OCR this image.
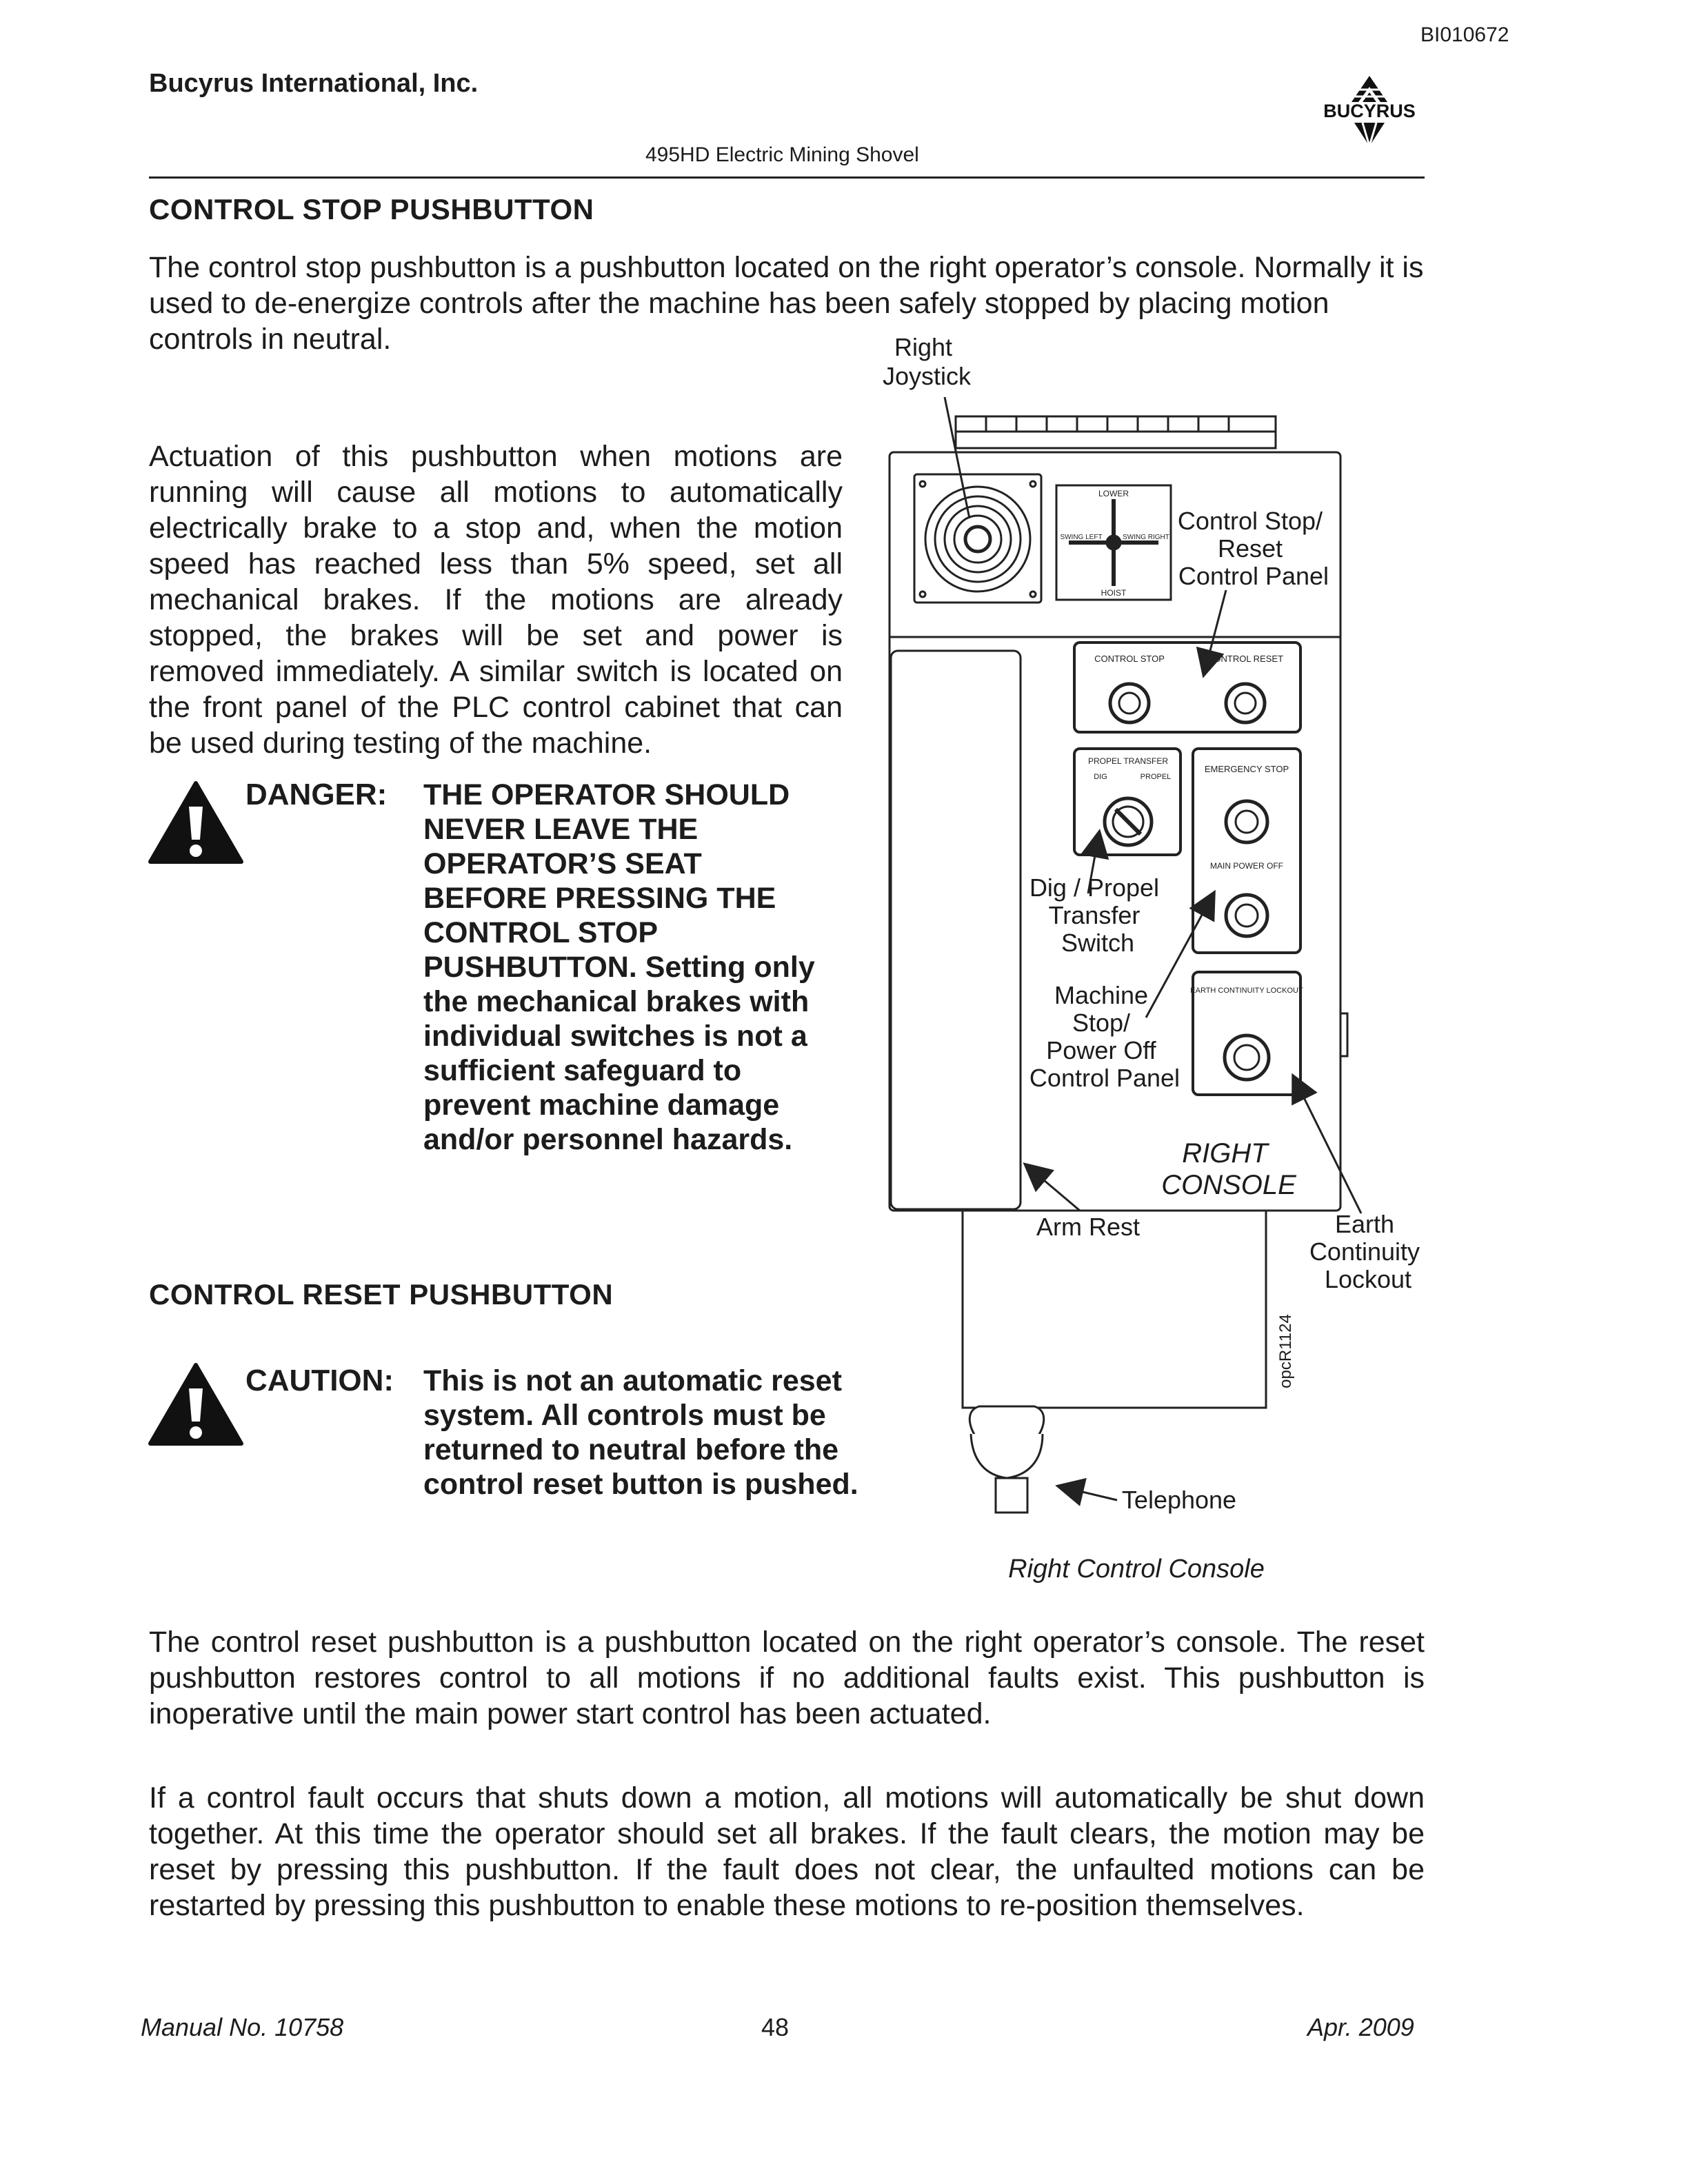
BI010672
Bucyrus International, Inc.
495HD Electric Mining Shovel
BUCYRUS
CONTROL STOP PUSHBUTTON
The control stop pushbutton is a pushbutton located on the right operator’s console. Normally it is used to de-energize controls after the machine has been safely stopped by placing motion controls in neutral.
Actuation of this pushbutton when motions are running will cause all motions to automatically electrically brake to a stop and, when the motion speed has reached less than 5% speed, set all mechanical brakes. If the motions are already stopped, the brakes will be set and power is removed immediately. A similar switch is located on the front panel of the PLC control cabinet that can be used during testing of the machine.
DANGER: THE OPERATOR SHOULD
NEVER LEAVE THE
OPERATOR’S SEAT
BEFORE PRESSING THE
CONTROL STOP
PUSHBUTTON. Setting only
the mechanical brakes with
individual switches is not a
sufficient safeguard to
prevent machine damage
and/or personnel hazards.
CONTROL RESET PUSHBUTTON
CAUTION: This is not an automatic reset
system. All controls must be
returned to neutral before the
control reset button is pushed.
The control reset pushbutton is a pushbutton located on the right operator’s console. The reset pushbutton restores control to all motions if no additional faults exist. This pushbutton is inoperative until the main power start control has been actuated.
If a control fault occurs that shuts down a motion, all motions will automatically be shut down together. At this time the operator should set all brakes. If the fault clears, the motion may be reset by pressing this pushbutton. If the fault does not clear, the unfaulted motions can be restarted by pressing this pushbutton to enable these motions to re-position themselves.
LOWER
HOIST
SWING LEFT	SWING RIGHT
CONTROL STOP	CONTROL RESET
PROPEL TRANSFER
DIG	PROPEL
EMERGENCY STOP
MAIN POWER OFF
EARTH CONTINUITY LOCKOUT
Right Joystick
Control Stop/ Reset Control Panel
Dig / Propel Transfer Switch
Machine Stop/ Power Off Control Panel
RIGHT CONSOLE
Arm Rest	Earth Continuity Lockout
Telephone
opcR1124
Right Control Console
Manual No. 10758	48	Apr. 2009
